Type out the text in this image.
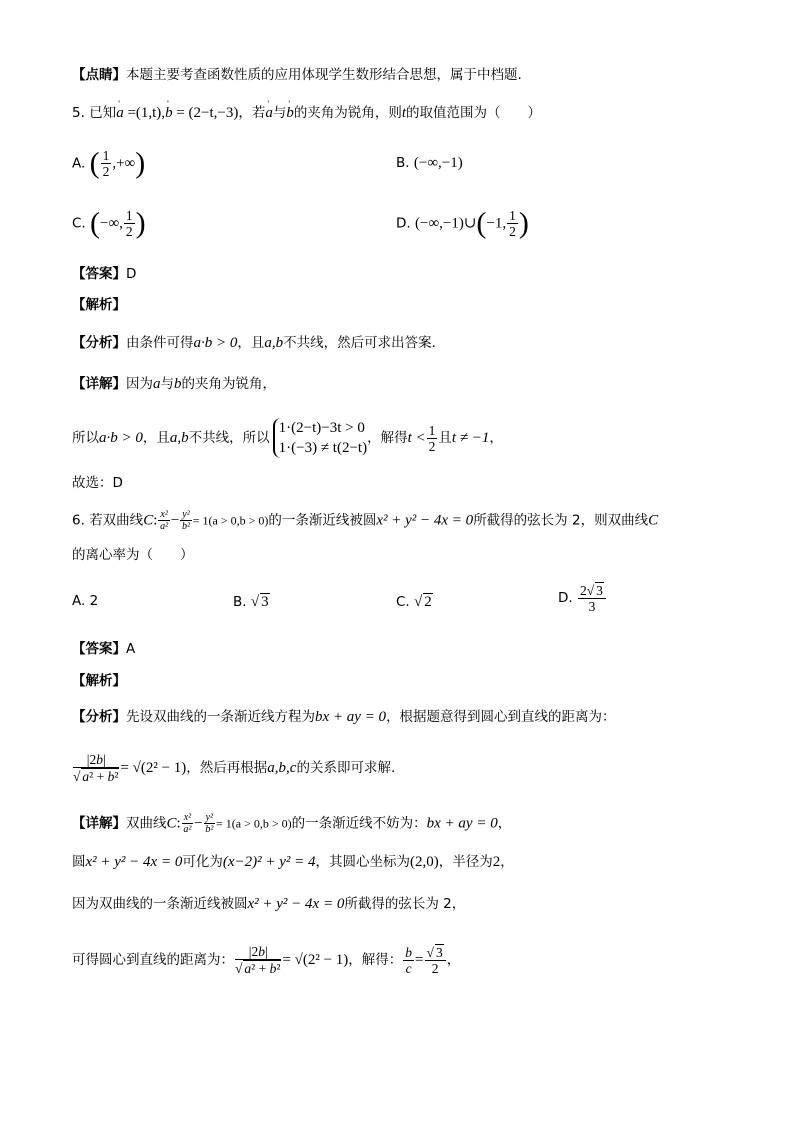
【点睛】本题主要考查函数性质的应用体现学生数形结合思想，属于中档题.
5. 已知' a =(1,t),' b = (2−t,−3)，若' a与' b的夹角为锐角，则t的取值范围为（　　）
A. ( $\frac{1}{2}$ ,+∞)	B. (−∞,−1)
C. (−∞, $\frac{1}{2}$ )	D. (−∞,−1)∪(−1, $\frac{1}{2}$ )
【答案】D
【解析】
【分析】由条件可得a·b > 0，且a,b不共线，然后可求出答案.
【详解】因为a与b的夹角为锐角，
所以a·b > 0，且a,b不共线，所以
1·(2−t)−3t > 0
1·(−3) ≠ t(2−t)
，解得$t < \frac{1}{2}$ 且t ≠ −1，
故选：D
6. 若双曲线C: $\frac{\text{x²}}{\text{a²}} - \frac{\text{y²}}{\text{b²}} = 1(a > 0,b > 0)$的一条渐近线被圆x² + y² − 4x = 0所截得的弦长为 2，则双曲线C
的离心率为（　　）
A. 2	B. √ 3	C. √ 2	D. $\frac{2√ 3}{3}$
【答案】A
【解析】
【分析】先设双曲线的一条渐近线方程为bx + ay = 0，根据题意得到圆心到直线的距离为：
$\frac{|2b|}{\text{√ a² + b²}} = √(2^2 - 1)$，然后再根据a,b,c的关系即可求解.
【详解】双曲线C: $\frac{\text{x²}}{\text{a²}} - \frac{\text{y²}}{\text{b²}} = 1(a > 0,b > 0)$的一条渐近线不妨为：bx + ay = 0，
圆x² + y² − 4x = 0可化为(x−2)² + y² = 4，其圆心坐标为(2,0)，半径为2，
因为双曲线的一条渐近线被圆x² + y² − 4x = 0所截得的弦长为 2，
可得圆心到直线的距离为： $\frac{|2b|}{\text{√ a² + b²}} = √(2^2 - 1)$，解得： $\frac{b}{c} = \frac{√ 3}{2}$ ，
